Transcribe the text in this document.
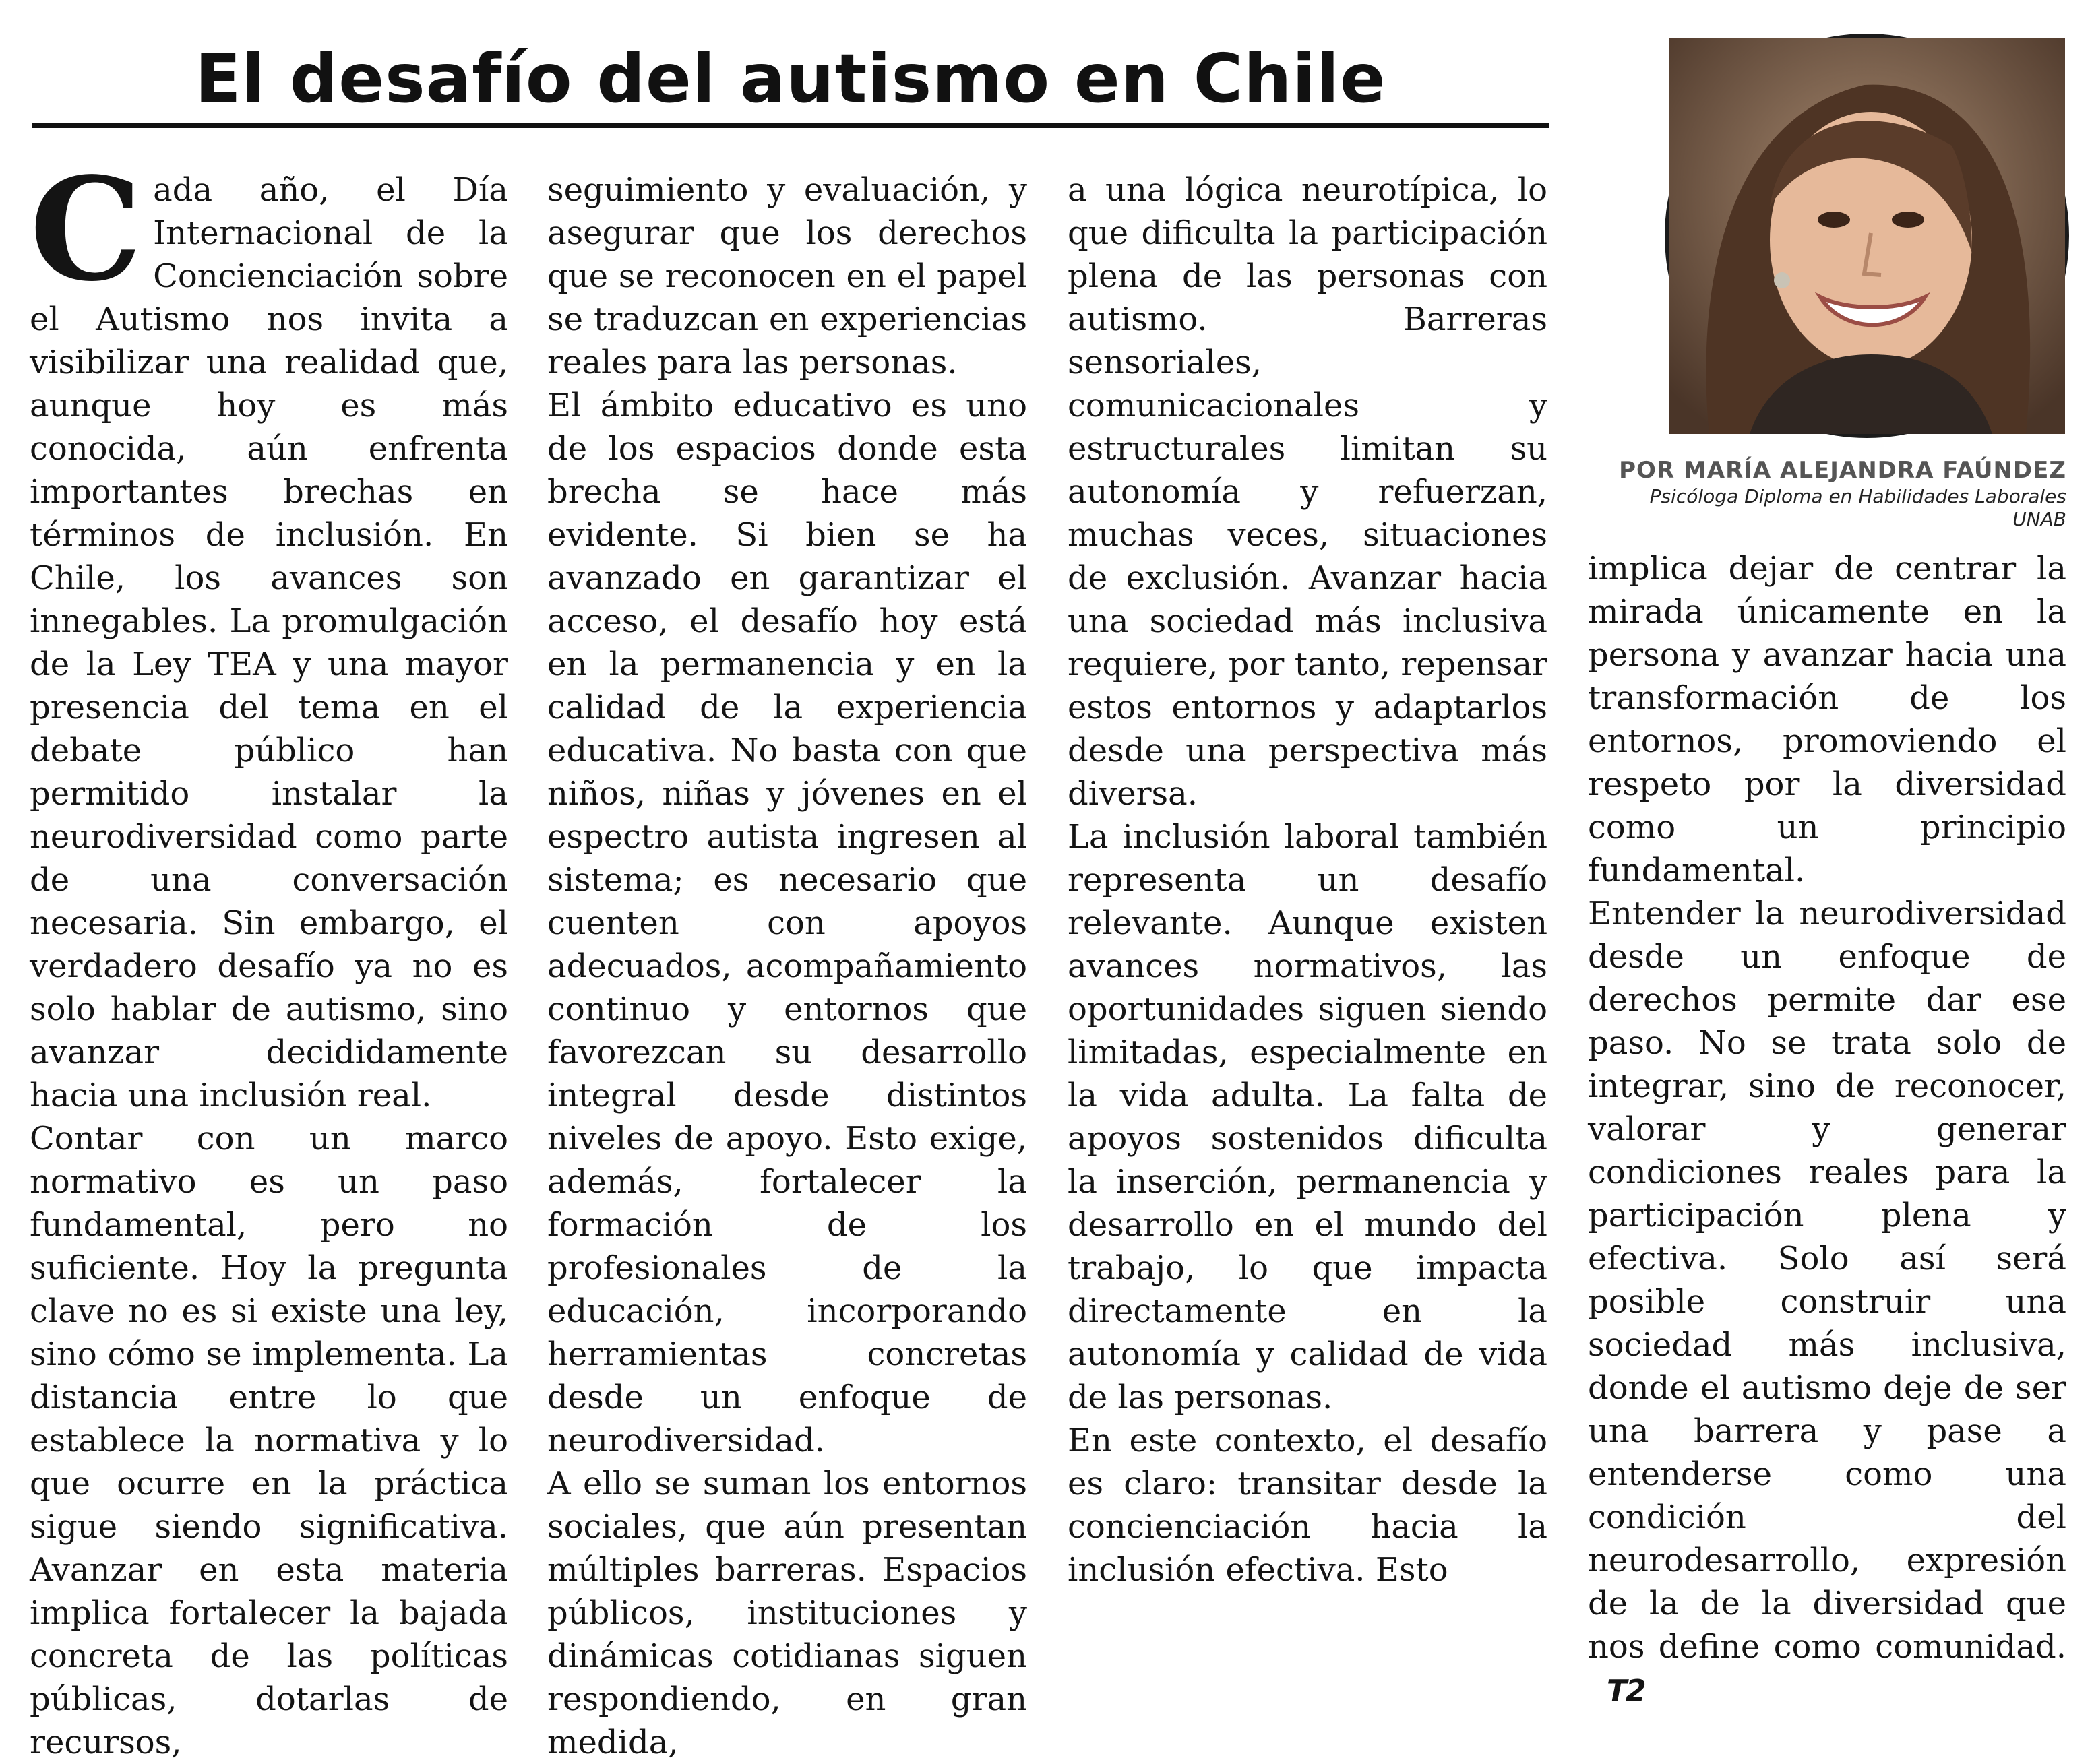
El desafío del autismo en Chile

Cada año, el Día Internacional de la Concienciación sobre el Autismo nos invita a visibilizar una realidad que, aunque hoy es más conocida, aún enfrenta importantes brechas en términos de inclusión. En Chile, los avances son innegables. La promulgación de la Ley TEA y una mayor presencia del tema en el debate público han permitido instalar la neurodiversidad como parte de una conversación necesaria. Sin embargo, el verdadero desafío ya no es solo hablar de autismo, sino avanzar decididamente hacia una inclusión real.

Contar con un marco normativo es un paso fundamental, pero no suficiente. Hoy la pregunta clave no es si existe una ley, sino cómo se implementa. La distancia entre lo que establece la normativa y lo que ocurre en la práctica sigue siendo significativa. Avanzar en esta materia implica fortalecer la bajada concreta de las políticas públicas, dotarlas de recursos,

seguimiento y evaluación, y asegurar que los derechos que se reconocen en el papel se traduzcan en experiencias reales para las personas.

El ámbito educativo es uno de los espacios donde esta brecha se hace más evidente. Si bien se ha avanzado en garantizar el acceso, el desafío hoy está en la permanencia y en la calidad de la experiencia educativa. No basta con que niños, niñas y jóvenes en el espectro autista ingresen al sistema; es necesario que cuenten con apoyos adecuados, acompañamiento continuo y entornos que favorezcan su desarrollo integral desde distintos niveles de apoyo. Esto exige, además, fortalecer la formación de los profesionales de la educación, incorporando herramientas concretas desde un enfoque de neurodiversidad.

A ello se suman los entornos sociales, que aún presentan múltiples barreras. Espacios públicos, instituciones y dinámicas cotidianas siguen respondiendo, en gran medida,

a una lógica neurotípica, lo que dificulta la participación plena de las personas con autismo. Barreras sensoriales, comunicacionales y estructurales limitan su autonomía y refuerzan, muchas veces, situaciones de exclusión. Avanzar hacia una sociedad más inclusiva requiere, por tanto, repensar estos entornos y adaptarlos desde una perspectiva más diversa.

La inclusión laboral también representa un desafío relevante. Aunque existen avances normativos, las oportunidades siguen siendo limitadas, especialmente en la vida adulta. La falta de apoyos sostenidos dificulta la inserción, permanencia y desarrollo en el mundo del trabajo, lo que impacta directamente en la autonomía y calidad de vida de las personas.

En este contexto, el desafío es claro: transitar desde la concienciación hacia la inclusión efectiva. Esto

POR MARÍA ALEJANDRA FAÚNDEZ
Psicóloga Diploma en Habilidades Laborales
UNAB

implica dejar de centrar la mirada únicamente en la persona y avanzar hacia una transformación de los entornos, promoviendo el respeto por la diversidad como un principio fundamental.

Entender la neurodiversidad desde un enfoque de derechos permite dar ese paso. No se trata solo de integrar, sino de reconocer, valorar y generar condiciones reales para la participación plena y efectiva. Solo así será posible construir una sociedad más inclusiva, donde el autismo deje de ser una barrera y pase a entenderse como una condición del neurodesarrollo, expresión de la de la diversidad que nos define como comunidad.T2
